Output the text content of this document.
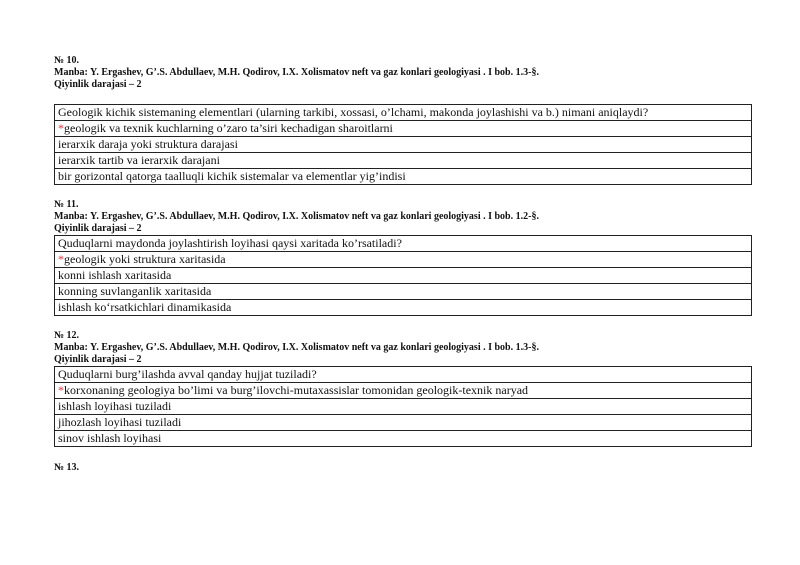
№ 10.
Manba: Y. Ergashev, G’.S. Abdullaev, M.H. Qodirov, I.X. Xolismatov neft va gaz konlari geologiyasi . I bob. 1.3-§.
Qiyinlik darajasi – 2
Geologik kichik sistemaning elementlari (ularning tarkibi, xossasi, o’lchami, makonda joylashishi va b.) nimani aniqlaydi?
*geologik va texnik kuchlarning o’zaro ta’siri kechadigan sharoitlarni
ierarxik daraja yoki struktura darajasi
ierarxik tartib va ierarxik darajani
bir gorizontal qatorga taalluqli kichik sistemalar va elementlar yig’indisi
№ 11.
Manba: Y. Ergashev, G’.S. Abdullaev, M.H. Qodirov, I.X. Xolismatov neft va gaz konlari geologiyasi . I bob. 1.2-§.
Qiyinlik darajasi – 2
Quduqlarni maydonda joylashtirish loyihasi qaysi xaritada ko’rsatiladi?
*geologik yoki struktura xaritasida
konni ishlash xaritasida
konning suvlanganlik xaritasida
ishlash koʻrsatkichlari dinamikasida
№ 12.
Manba: Y. Ergashev, G’.S. Abdullaev, M.H. Qodirov, I.X. Xolismatov neft va gaz konlari geologiyasi . I bob. 1.3-§.
Qiyinlik darajasi – 2
Quduqlarni burg’ilashda avval qanday hujjat tuziladi?
*korxonaning geologiya bo’limi va burg’ilovchi-mutaxassislar tomonidan geologik-texnik naryad
ishlash loyihasi tuziladi
jihozlash loyihasi tuziladi
sinov ishlash loyihasi
№ 13.
